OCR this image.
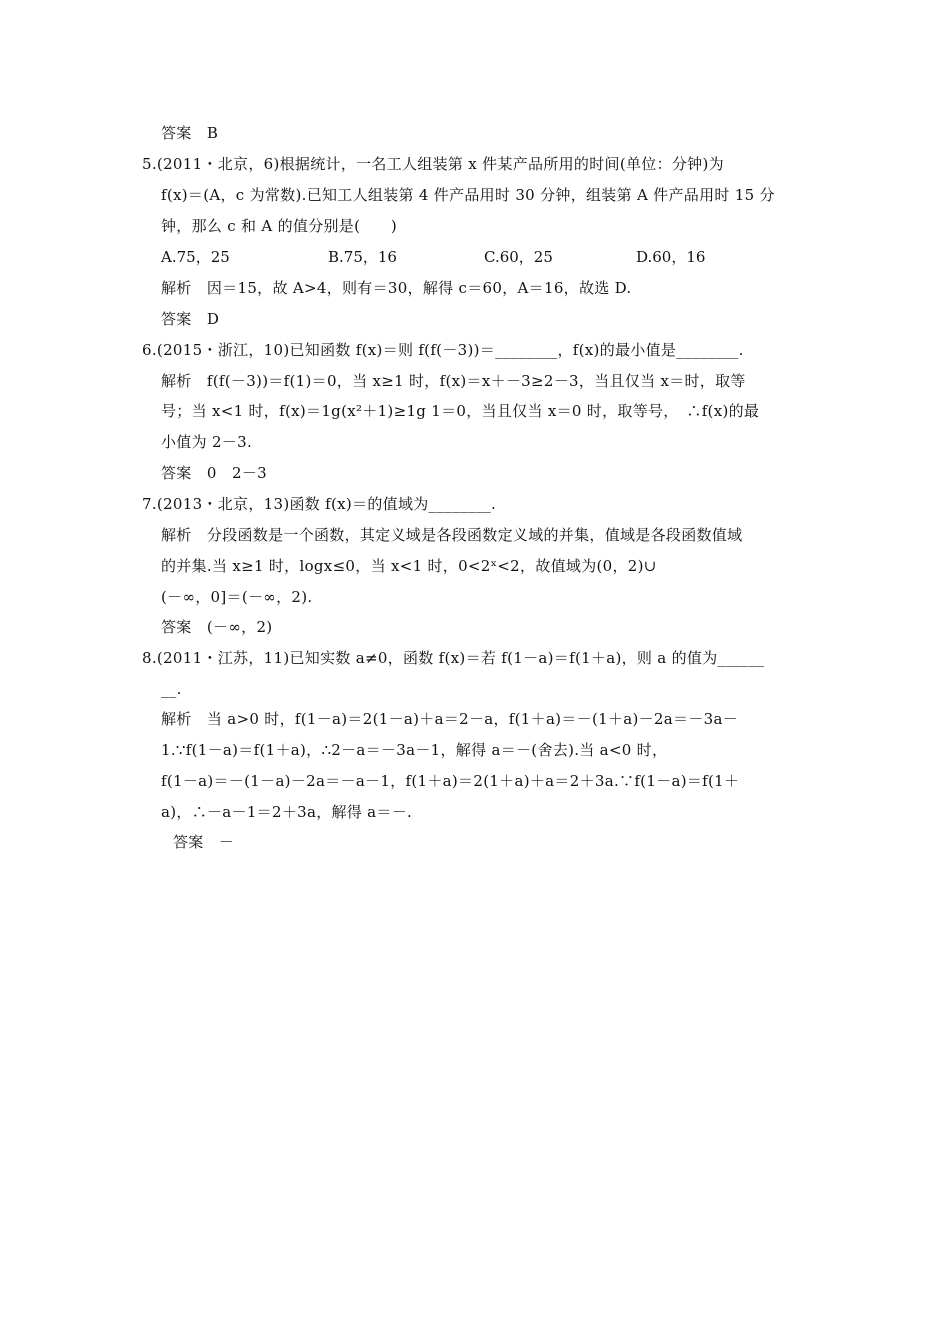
答案　B
5.(2011・北京，6)根据统计，一名工人组装第 x 件某产品所用的时间(单位：分钟)为
f(x)＝(A，c 为常数).已知工人组装第 4 件产品用时 30 分钟，组装第 A 件产品用时 15 分
钟，那么 c 和 A 的值分别是(　　)
A.75，25	B.75，16	C.60，25	D.60，16
解析　因＝15，故 A>4，则有＝30，解得 c＝60，A＝16，故选 D.
答案　D
6.(2015・浙江，10)已知函数 f(x)＝则 f(f(－3))＝________，f(x)的最小值是________.
解析　f(f(－3))＝f(1)＝0，当 x≥1 时，f(x)＝x＋－3≥2－3，当且仅当 x＝时，取等
号；当 x<1 时，f(x)＝1g(x²＋1)≥1g 1＝0，当且仅当 x＝0 时，取等号，　∴f(x)的最
小值为 2－3.
答案　0　2－3
7.(2013・北京，13)函数 f(x)＝的值域为________.
解析　分段函数是一个函数，其定义域是各段函数定义域的并集，值域是各段函数值域
的并集.当 x≥1 时，logx≤0，当 x<1 时，0<2ˣ<2，故值域为(0，2)∪
(－∞，0]＝(－∞，2).
答案　(－∞，2)
8.(2011・江苏，11)已知实数 a≠0，函数 f(x)＝若 f(1－a)＝f(1＋a)，则 a 的值为______
__.
解析　当 a>0 时，f(1－a)＝2(1－a)＋a＝2－a，f(1＋a)＝－(1＋a)－2a＝－3a－
1.∵f(1－a)＝f(1＋a)，∴2－a＝－3a－1，解得 a＝－(舍去).当 a<0 时，
f(1－a)＝－(1－a)－2a＝－a－1，f(1＋a)＝2(1＋a)＋a＝2＋3a.∵f(1－a)＝f(1＋
a)，∴－a－1＝2＋3a，解得 a＝－.
答案　－
